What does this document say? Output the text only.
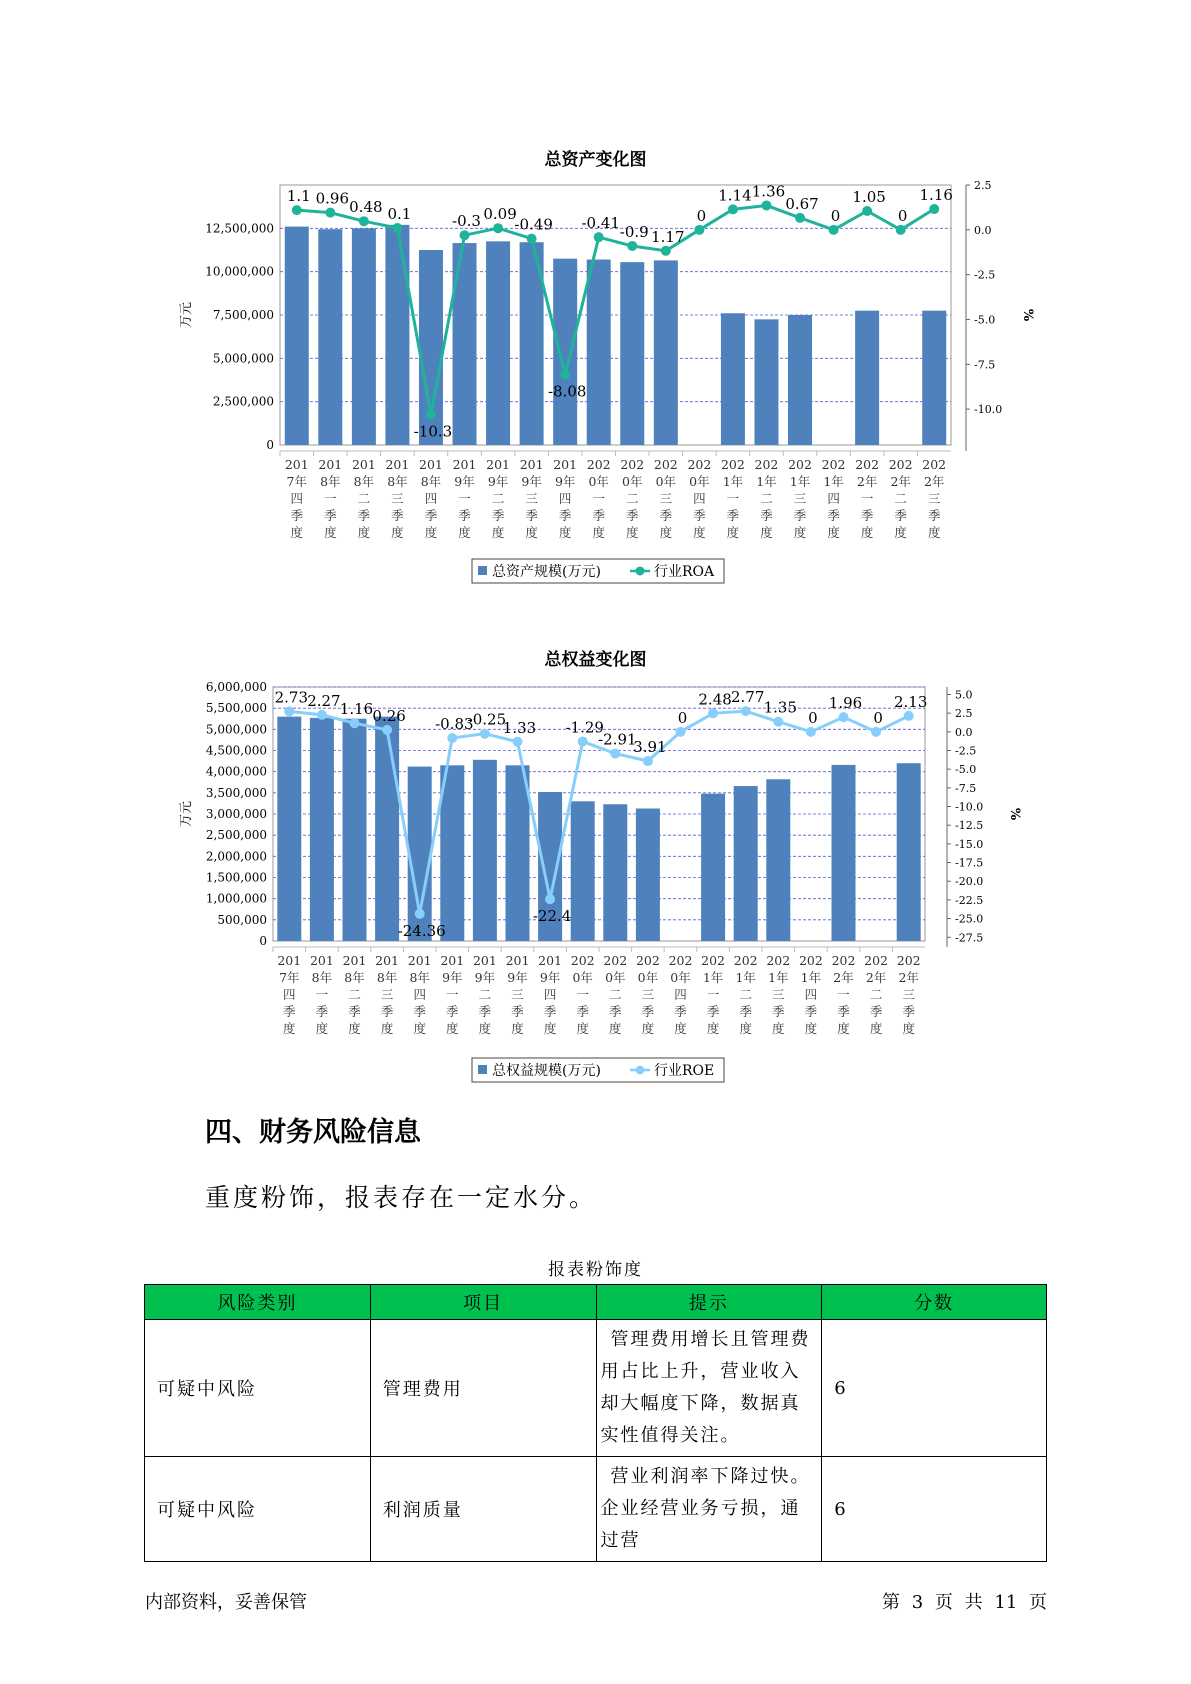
总资产变化图
0
2,500,000
5,000,000
7,500,000
10,000,000
12,500,000
2.5
0.0
-2.5
-5.0
-7.5
-10.0
万元	%
201 7年四季度
201 8年一季度
201 8年二季度
201 8年三季度
201 8年四季度
201 9年一季度
201 9年二季度
201 9年三季度
201 9年四季度
202 0年一季度
202 0年二季度
202 0年三季度
202 0年四季度
202 1年一季度
202 1年二季度
202 1年三季度
202 1年四季度
202 2年一季度
202 2年二季度
202 2年三季度
1.1 0.96 0.48 0.1
-10.3
-0.3 0.09
-0.49
-8.08
-0.41 -0.9 1.17
0
1.14 1.36
0.67
0
1.05
0
1.16
总资产规模(万元)	行业ROA
总权益变化图
0
500,000
1,000,000
1,500,000
2,000,000
2,500,000
3,000,000
3,500,000
4,000,000
4,500,000
5,000,000
5,500,000
6,000,000
5.0
2.5
0.0
-2.5
-5.0
-7.5
-10.0
-12.5
-15.0
-17.5
-20.0
-22.5
-25.0
-27.5
万元	%
201 7年四季度
201 8年一季度
201 8年二季度
201 8年三季度
201 8年四季度
201 9年一季度
201 9年二季度
201 9年三季度
201 9年四季度
202 0年一季度
202 0年二季度
202 0年三季度
202 0年四季度
202 1年一季度
202 1年二季度
202 1年三季度
202 1年四季度
202 2年一季度
202 2年二季度
202 2年三季度
2.73 2.27 1.16 0.26
-24.36
-0.83
-0.25
1.33
-22.4
-1.29
-2.91
3.91
0
2.48 2.77
1.35
0
1.96
0
2.13
总权益规模(万元)	行业ROE
四、财务风险信息
重度粉饰，报表存在一定水分。
报表粉饰度
风险类别	项目	提示	分数
可疑中风险	管理费用	管理费用增长且管理费用占比上升，营业收入却大幅度下降，数据真实性值得关注。	6
可疑中风险	利润质量	营业利润率下降过快。企业经营业务亏损，通过营	6
内部资料，妥善保管	第 3 页 共 11 页
